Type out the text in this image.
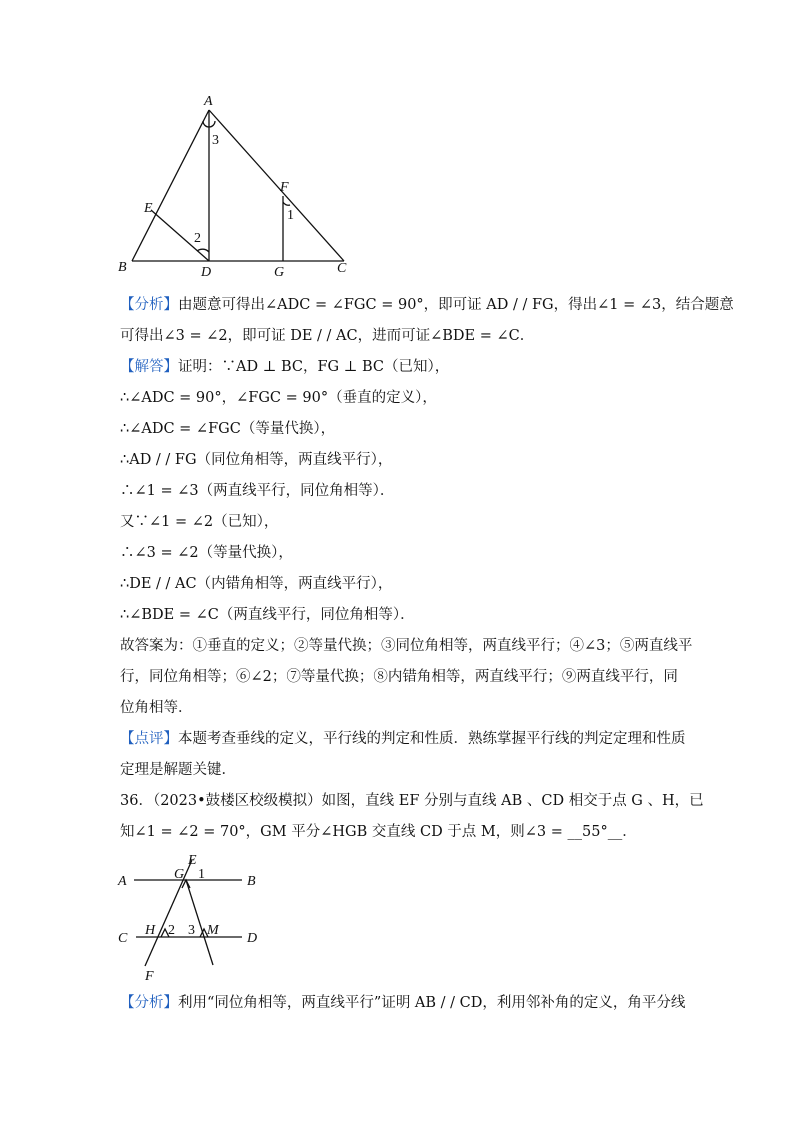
A
B	C
D
E
F
G
1
2
3
【分析】由题意可得出∠ADC = ∠FGC = 90°，即可证 AD / / FG，得出∠1 = ∠3，结合题意
可得出∠3 = ∠2，即可证 DE / / AC，进而可证∠BDE = ∠C．
【解答】证明：∵AD ⊥ BC，FG ⊥ BC（已知），
∴∠ADC = 90°，∠FGC = 90°（垂直的定义），
∴∠ADC = ∠FGC（等量代换），
∴AD / / FG（同位角相等，两直线平行），
∴∠1 = ∠3（两直线平行，同位角相等）．
又∵∠1 = ∠2（已知），
∴∠3 = ∠2（等量代换），
∴DE / / AC（内错角相等，两直线平行），
∴∠BDE = ∠C（两直线平行，同位角相等）．
故答案为：①垂直的定义；②等量代换；③同位角相等，两直线平行；④∠3；⑤两直线平
行，同位角相等；⑥∠2；⑦等量代换；⑧内错角相等，两直线平行；⑨两直线平行，同
位角相等．
【点评】本题考查垂线的定义，平行线的判定和性质．熟练掌握平行线的判定定理和性质
定理是解题关键．
36．（2023•鼓楼区校级模拟）如图，直线 EF 分别与直线 AB 、CD 相交于点 G 、H，已
知∠1 = ∠2 = 70°，GM 平分∠HGB 交直线 CD 于点 M，则∠3 = __55°__．
E
A	B
G 1
C
H 2 3 M
D
F
【分析】利用“同位角相等，两直线平行”证明 AB / / CD，利用邻补角的定义，角平分线
